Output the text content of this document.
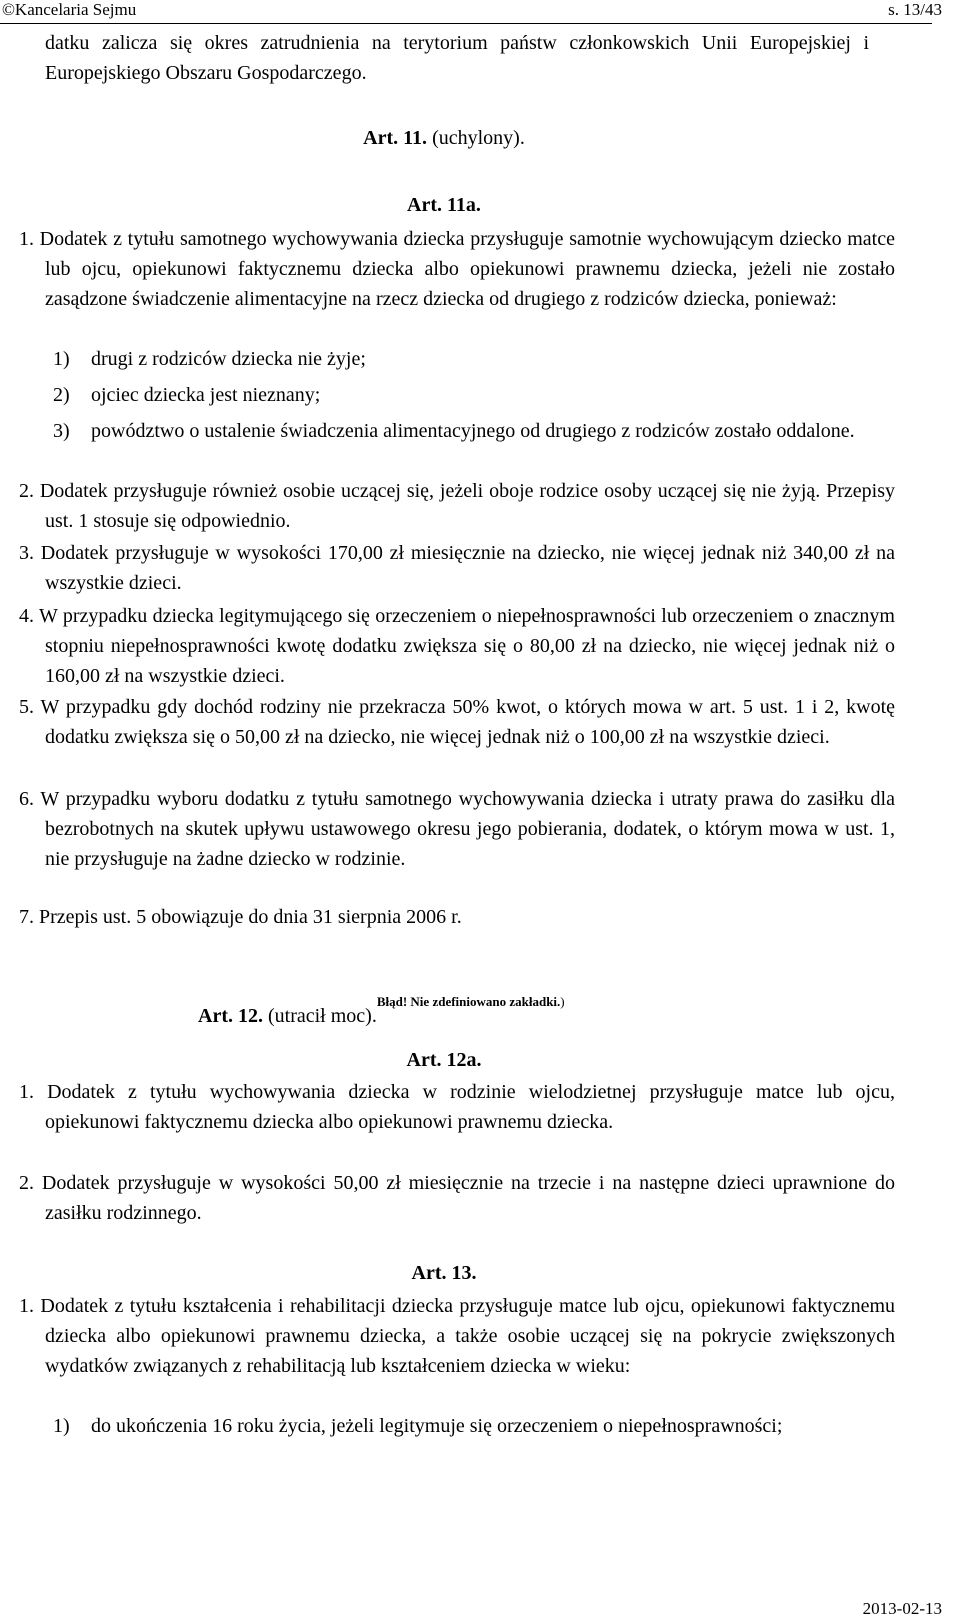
©Kancelaria Sejmu	s. 13/43
datku zalicza się okres zatrudnienia na terytorium państw członkowskich Unii Europejskiej i Europejskiego Obszaru Gospodarczego.
Art. 11. (uchylony).
Art. 11a.
1. Dodatek z tytułu samotnego wychowywania dziecka przysługuje samotnie wychowującym dziecko matce lub ojcu, opiekunowi faktycznemu dziecka albo opiekunowi prawnemu dziecka, jeżeli nie zostało zasądzone świadczenie alimentacyjne na rzecz dziecka od drugiego z rodziców dziecka, ponieważ:
1) drugi z rodziców dziecka nie żyje;
2) ojciec dziecka jest nieznany;
3) powództwo o ustalenie świadczenia alimentacyjnego od drugiego z rodziców zostało oddalone.
2. Dodatek przysługuje również osobie uczącej się, jeżeli oboje rodzice osoby uczącej się nie żyją. Przepisy ust. 1 stosuje się odpowiednio.
3. Dodatek przysługuje w wysokości 170,00 zł miesięcznie na dziecko, nie więcej jednak niż 340,00 zł na wszystkie dzieci.
4. W przypadku dziecka legitymującego się orzeczeniem o niepełnosprawności lub orzeczeniem o znacznym stopniu niepełnosprawności kwotę dodatku zwiększa się o 80,00 zł na dziecko, nie więcej jednak niż o 160,00 zł na wszystkie dzieci.
5. W przypadku gdy dochód rodziny nie przekracza 50% kwot, o których mowa w art. 5 ust. 1 i 2, kwotę dodatku zwiększa się o 50,00 zł na dziecko, nie więcej jednak niż o 100,00 zł na wszystkie dzieci.
6. W przypadku wyboru dodatku z tytułu samotnego wychowywania dziecka i utraty prawa do zasiłku dla bezrobotnych na skutek upływu ustawowego okresu jego pobierania, dodatek, o którym mowa w ust. 1, nie przysługuje na żadne dziecko w rodzinie.
7. Przepis ust. 5 obowiązuje do dnia 31 sierpnia 2006 r.
Art. 12. (utracił moc).$^{Błąd! Nie zdefiniowano zakładki.)}$
Art. 12a.
1. Dodatek z tytułu wychowywania dziecka w rodzinie wielodzietnej przysługuje matce lub ojcu, opiekunowi faktycznemu dziecka albo opiekunowi prawnemu dziecka.
2. Dodatek przysługuje w wysokości 50,00 zł miesięcznie na trzecie i na następne dzieci uprawnione do zasiłku rodzinnego.
Art. 13.
1. Dodatek z tytułu kształcenia i rehabilitacji dziecka przysługuje matce lub ojcu, opiekunowi faktycznemu dziecka albo opiekunowi prawnemu dziecka, a także osobie uczącej się na pokrycie zwiększonych wydatków związanych z rehabilitacją lub kształceniem dziecka w wieku:
1) do ukończenia 16 roku życia, jeżeli legitymuje się orzeczeniem o niepełnosprawności;
2013-02-13
